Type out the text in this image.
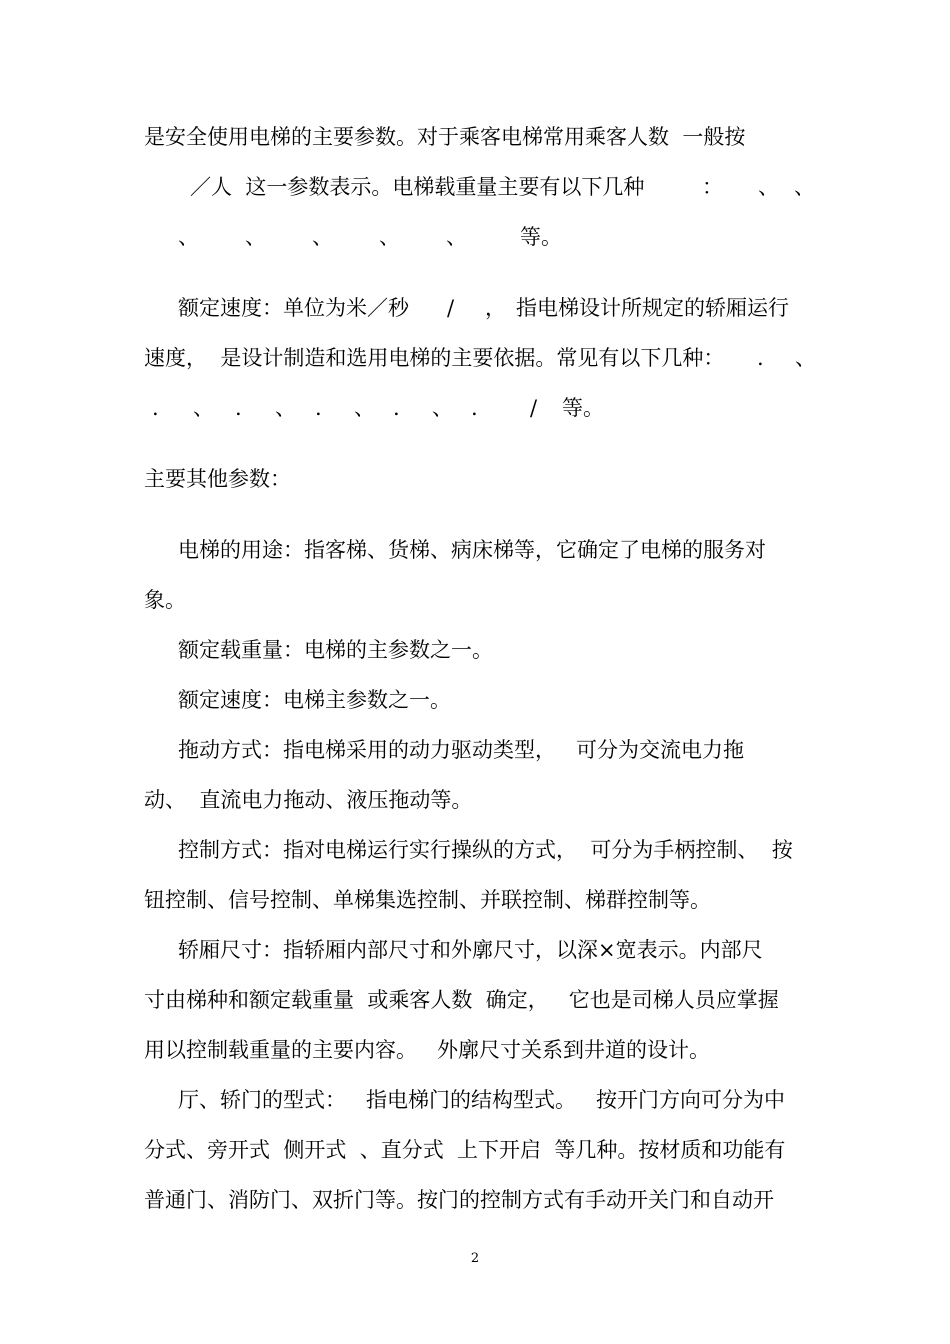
是安全使用电梯的主要参数。对于乘客电梯常用乘客人数  一般按

／人  这一参数表示。电梯载重量主要有以下几种

	：

、

、

、

、

、

、

、

	等。

额定速度：单位为米／秒

/

，

指电梯设计所规定的轿厢运行

速度，  是设计制造和选用电梯的主要依据。常见有以下几种：

.

、

.

、

.

、

.

、

.

、

.

/

等。

主要其他参数：

电梯的用途：指客梯、货梯、病床梯等，它确定了电梯的服务对

象。

额定载重量：电梯的主参数之一。

额定速度：电梯主参数之一。

拖动方式：指电梯采用的动力驱动类型，   可分为交流电力拖

动、  直流电力拖动、液压拖动等。

控制方式：指对电梯运行实行操纵的方式，  可分为手柄控制、  按

钮控制、信号控制、单梯集选控制、并联控制、梯群控制等。

轿厢尺寸：指轿厢内部尺寸和外廓尺寸，以深×宽表示。内部尺

寸由梯种和额定载重量  或乘客人数  确定，   它也是司梯人员应掌握

用以控制载重量的主要内容。   外廓尺寸关系到井道的设计。

厅、轿门的型式：   指电梯门的结构型式。   按开门方向可分为中

分式、旁开式  侧开式  、直分式  上下开启  等几种。按材质和功能有

普通门、消防门、双折门等。按门的控制方式有手动开关门和自动开

2
